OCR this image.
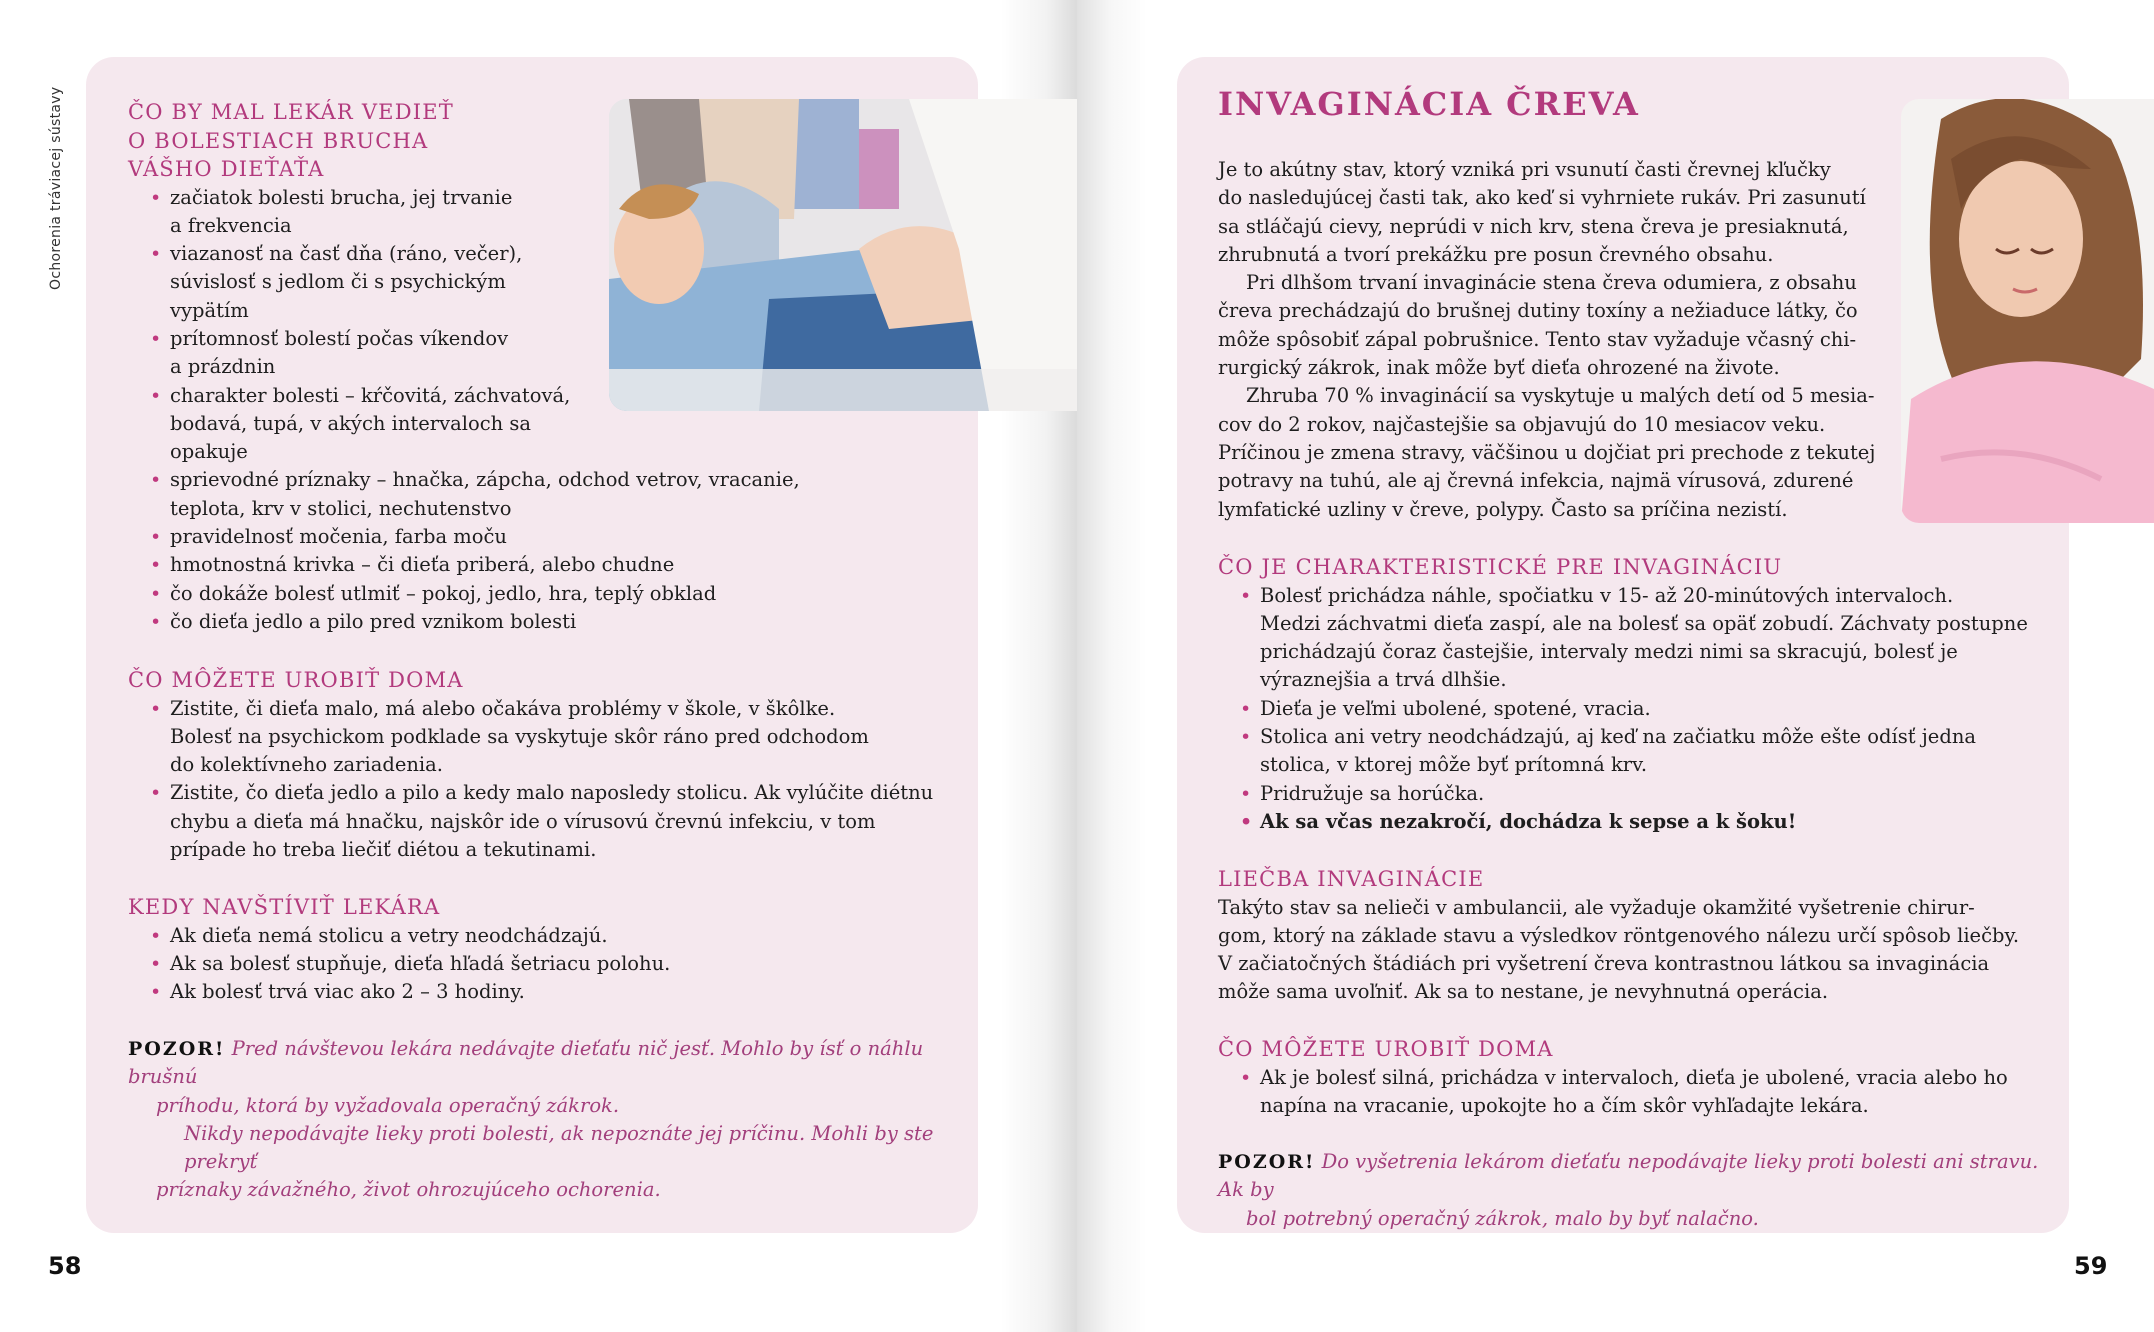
Ochorenia tráviacej sústavy	ČO BY MAL LEKÁR VEDIEŤ
O BOLESTIACH BRUCHA
VÁŠHO DIEŤAŤA
• začiatok bolesti brucha, jej trvanie
a frekvencia
• viazanosť na časť dňa (ráno, večer),
súvislosť s jedlom či s psychickým
vypätím
• prítomnosť bolestí počas víkendov
a prázdnin
• charakter bolesti – kŕčovitá, záchvatová,
bodavá, tupá, v akých intervaloch sa
opakuje
• sprievodné príznaky – hnačka, zápcha, odchod vetrov, vracanie,
teplota, krv v stolici, nechutenstvo
• pravidelnosť močenia, farba moču
• hmotnostná krivka – či dieťa priberá, alebo chudne
• čo dokáže bolesť utlmiť – pokoj, jedlo, hra, teplý obklad
• čo dieťa jedlo a pilo pred vznikom bolesti
ČO MÔŽETE UROBIŤ DOMA
• Zistite, či dieťa malo, má alebo očakáva problémy v škole, v škôlke.
Bolesť na psychickom podklade sa vyskytuje skôr ráno pred odchodom
do kolektívneho zariadenia.
• Zistite, čo dieťa jedlo a pilo a kedy malo naposledy stolicu. Ak vylúčite diétnu
chybu a dieťa má hnačku, najskôr ide o vírusovú črevnú infekciu, v tom
prípade ho treba liečiť diétou a tekutinami.
KEDY NAVŠTÍVIŤ LEKÁRA
• Ak dieťa nemá stolicu a vetry neodchádzajú.
• Ak sa bolesť stupňuje, dieťa hľadá šetriacu polohu.
• Ak bolesť trvá viac ako 2 – 3 hodiny.
POZOR! Pred návštevou lekára nedávajte dieťaťu nič jesť. Mohlo by ísť o náhlu brušnú
príhodu, ktorá by vyžadovala operačný zákrok.
Nikdy nepodávajte lieky proti bolesti, ak nepoznáte jej príčinu. Mohli by ste prekryť
príznaky závažného, život ohrozujúceho ochorenia.
58
INVAGINÁCIA ČREVA
Je to akútny stav, ktorý vzniká pri vsunutí časti črevnej kľučky
do nasledujúcej časti tak, ako keď si vyhrniete rukáv. Pri zasunutí
sa stláčajú cievy, neprúdi v nich krv, stena čreva je presiaknutá,
zhrubnutá a tvorí prekážku pre posun črevného obsahu.
Pri dlhšom trvaní invaginácie stena čreva odumiera, z obsahu
čreva prechádzajú do brušnej dutiny toxíny a nežiaduce látky, čo
môže spôsobiť zápal pobrušnice. Tento stav vyžaduje včasný chi-
rurgický zákrok, inak môže byť dieťa ohrozené na živote.
Zhruba 70 % invaginácií sa vyskytuje u malých detí od 5 mesia-
cov do 2 rokov, najčastejšie sa objavujú do 10 mesiacov veku.
Príčinou je zmena stravy, väčšinou u dojčiat pri prechode z tekutej
potravy na tuhú, ale aj črevná infekcia, najmä vírusová, zdurené
lymfatické uzliny v čreve, polypy. Často sa príčina nezistí.
ČO JE CHARAKTERISTICKÉ PRE INVAGINÁCIU
• Bolesť prichádza náhle, spočiatku v 15- až 20-minútových intervaloch.
Medzi záchvatmi dieťa zaspí, ale na bolesť sa opäť zobudí. Záchvaty postupne
prichádzajú čoraz častejšie, intervaly medzi nimi sa skracujú, bolesť je
výraznejšia a trvá dlhšie.
• Dieťa je veľmi ubolené, spotené, vracia.
• Stolica ani vetry neodchádzajú, aj keď na začiatku môže ešte odísť jedna
stolica, v ktorej môže byť prítomná krv.
• Pridružuje sa horúčka.
• Ak sa včas nezakročí, dochádza k sepse a k šoku!
LIEČBA INVAGINÁCIE
Takýto stav sa nelieči v ambulancii, ale vyžaduje okamžité vyšetrenie chirur-
gom, ktorý na základe stavu a výsledkov röntgenového nálezu určí spôsob liečby.
V začiatočných štádiách pri vyšetrení čreva kontrastnou látkou sa invaginácia
môže sama uvoľniť. Ak sa to nestane, je nevyhnutná operácia.
ČO MÔŽETE UROBIŤ DOMA
• Ak je bolesť silná, prichádza v intervaloch, dieťa je ubolené, vracia alebo ho
napína na vracanie, upokojte ho a čím skôr vyhľadajte lekára.
POZOR! Do vyšetrenia lekárom dieťaťu nepodávajte lieky proti bolesti ani stravu. Ak by
bol potrebný operačný zákrok, malo by byť nalačno.
59
